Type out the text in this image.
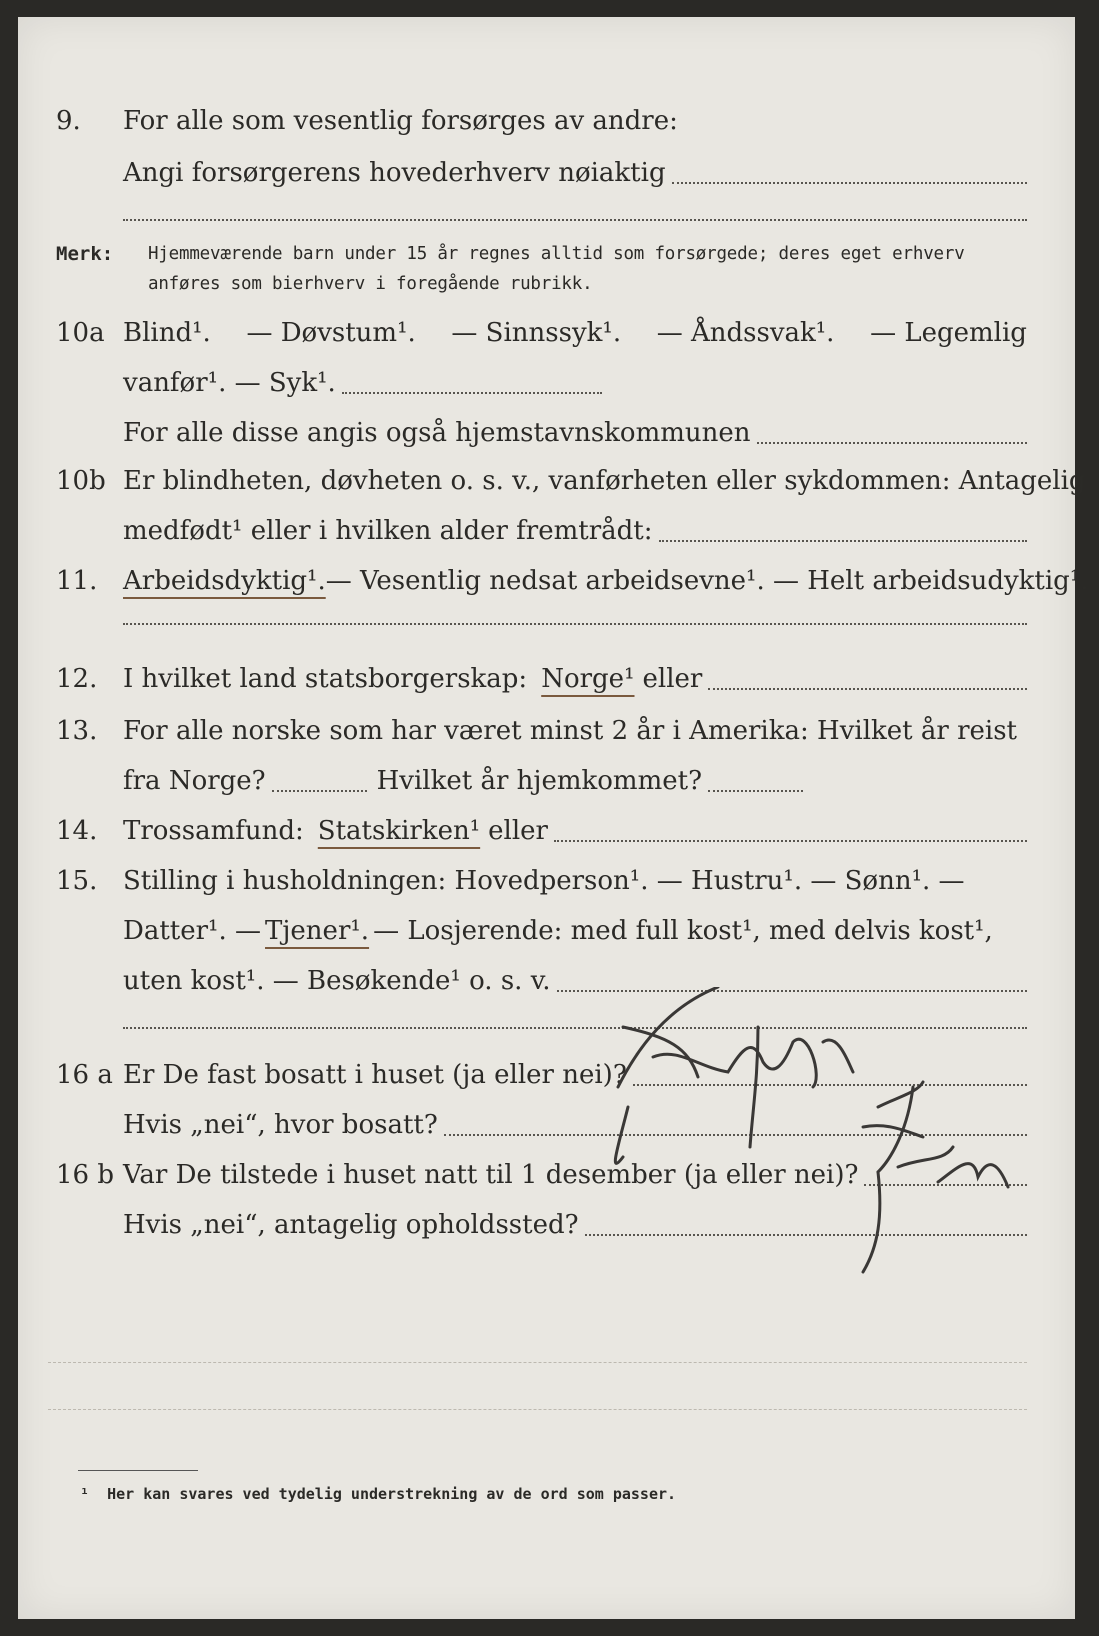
9. For alle som vesentlig forsørges av andre:
Angi forsørgerens hovederhverv nøiaktig
Merk: Hjemmeværende barn under 15 år regnes alltid som forsørgede; deres eget erhverv
anføres som bierhverv i foregående rubrikk.
10a Blind¹. — Døvstum¹. — Sinnssyk¹. — Åndssvak¹. — Legemlig
vanfør¹. — Syk¹.
For alle disse angis også hjemstavnskommunen
10b Er blindheten, døvheten o. s. v., vanførheten eller sykdommen: Antagelig
medfødt¹ eller i hvilken alder fremtrådt:
11. Arbeidsdyktig¹. — Vesentlig nedsat arbeidsevne¹. — Helt arbeidsudyktig¹.
12. I hvilket land statsborgerskap: Norge¹ eller
13. For alle norske som har været minst 2 år i Amerika: Hvilket år reist
fra Norge?	Hvilket år hjemkommet?
14. Trossamfund: Statskirken¹ eller
15. Stilling i husholdningen: Hovedperson¹. — Hustru¹. — Sønn¹. —
Datter¹. — Tjener¹. — Losjerende: med full kost¹, med delvis kost¹,
uten kost¹. — Besøkende¹ o. s. v.
16 a Er De fast bosatt i huset (ja eller nei)?
Hvis „nei“, hvor bosatt?
16 b Var De tilstede i huset natt til 1 desember (ja eller nei)?
Hvis „nei“, antagelig opholdssted?
¹ Her kan svares ved tydelig understrekning av de ord som passer.
